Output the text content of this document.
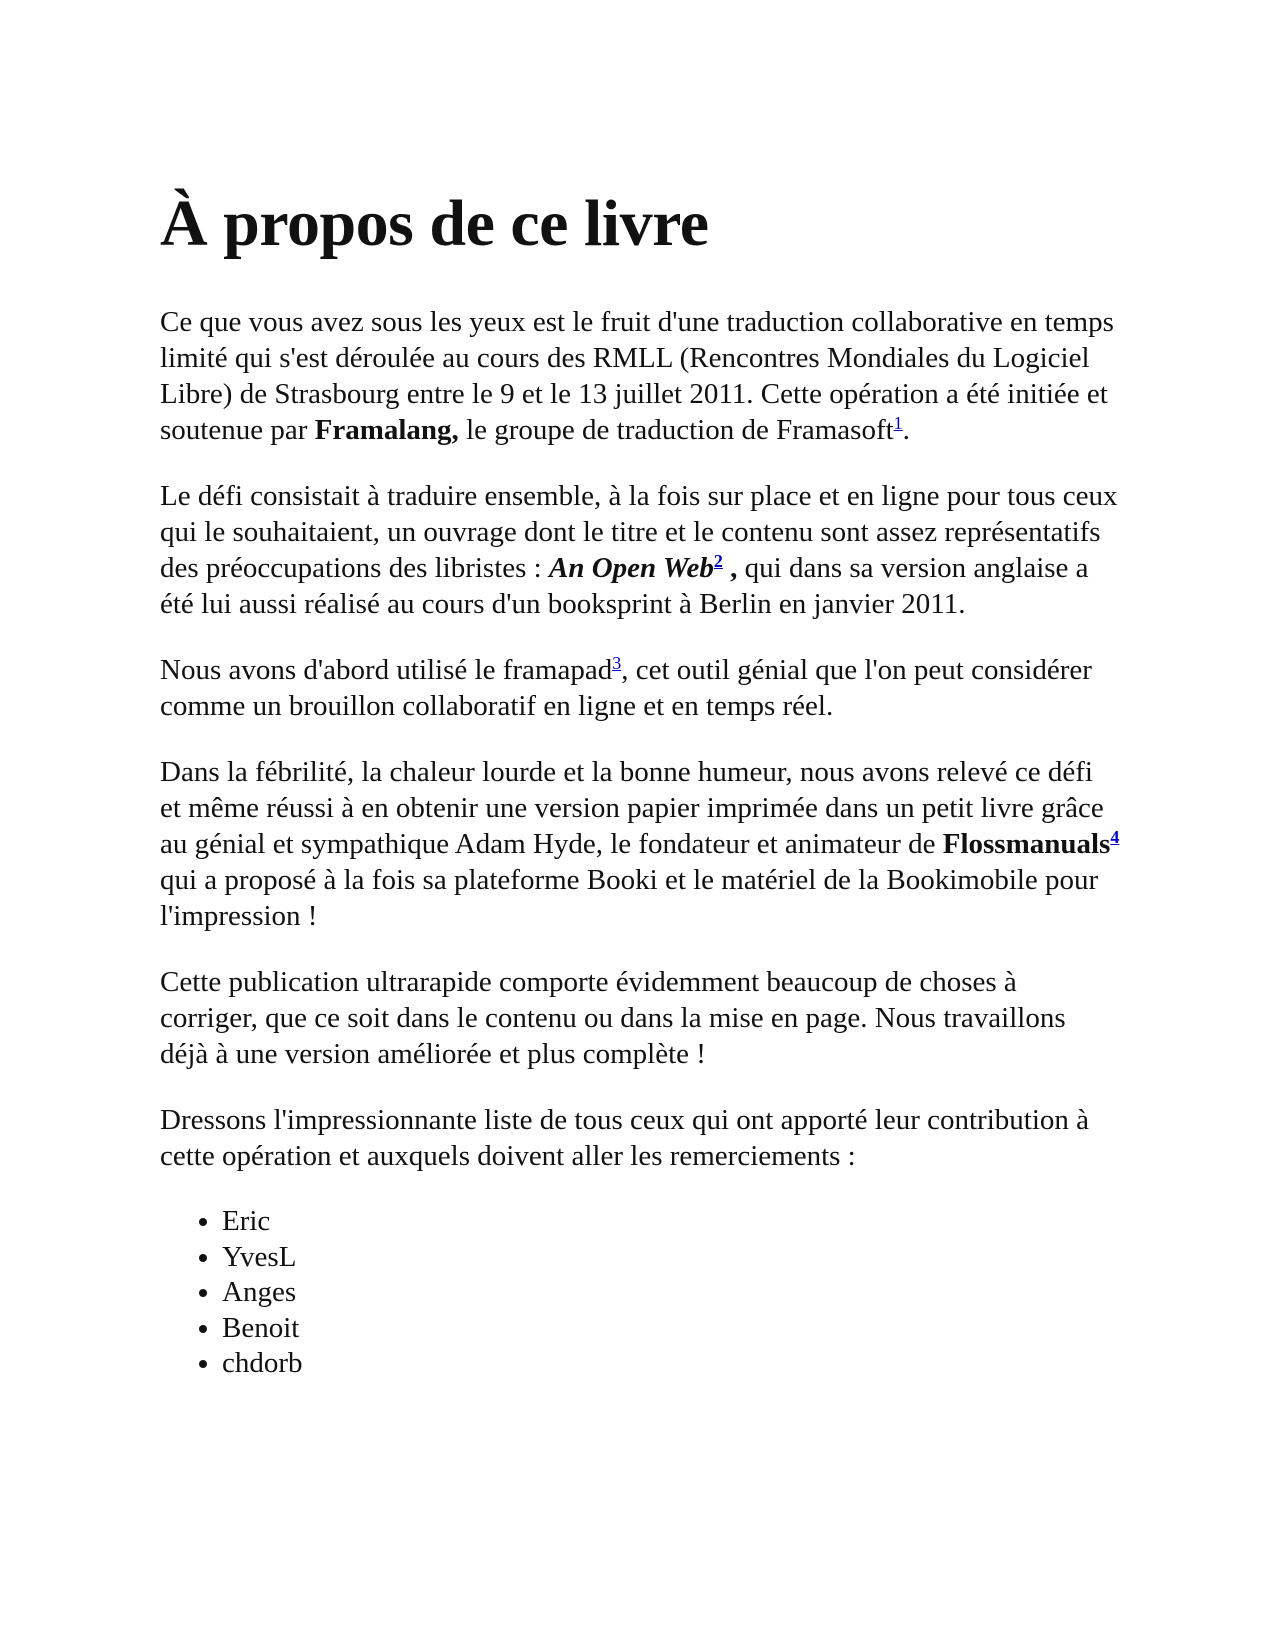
À propos de ce livre

Ce que vous avez sous les yeux est le fruit d'une traduction collaborative en temps limité qui s'est déroulée au cours des RMLL (Rencontres Mondiales du Logiciel Libre) de Strasbourg entre le 9 et le 13 juillet 2011. Cette opération a été initiée et soutenue par Framalang, le groupe de traduction de Framasoft$^1$.

Le défi consistait à traduire ensemble, à la fois sur place et en ligne pour tous ceux qui le souhaitaient, un ouvrage dont le titre et le contenu sont assez représentatifs des préoccupations des libristes : An Open Web$^2$ , qui dans sa version anglaise a été lui aussi réalisé au cours d'un booksprint à Berlin en janvier 2011.

Nous avons d'abord utilisé le framapad$^3$, cet outil génial que l'on peut considérer comme un brouillon collaboratif en ligne et en temps réel.

Dans la fébrilité, la chaleur lourde et la bonne humeur, nous avons relevé ce défi et même réussi à en obtenir une version papier imprimée dans un petit livre grâce au génial et sympathique Adam Hyde, le fondateur et animateur de Flossmanuals$^4$ qui a proposé à la fois sa plateforme Booki et le matériel de la Bookimobile pour l'impression !

Cette publication ultrarapide comporte évidemment beaucoup de choses à corriger, que ce soit dans le contenu ou dans la mise en page. Nous travaillons déjà à une version améliorée et plus complète !

Dressons l'impressionnante liste de tous ceux qui ont apporté leur contribution à cette opération et auxquels doivent aller les remerciements :

• Eric
• YvesL
• Anges
• Benoit
• chdorb
